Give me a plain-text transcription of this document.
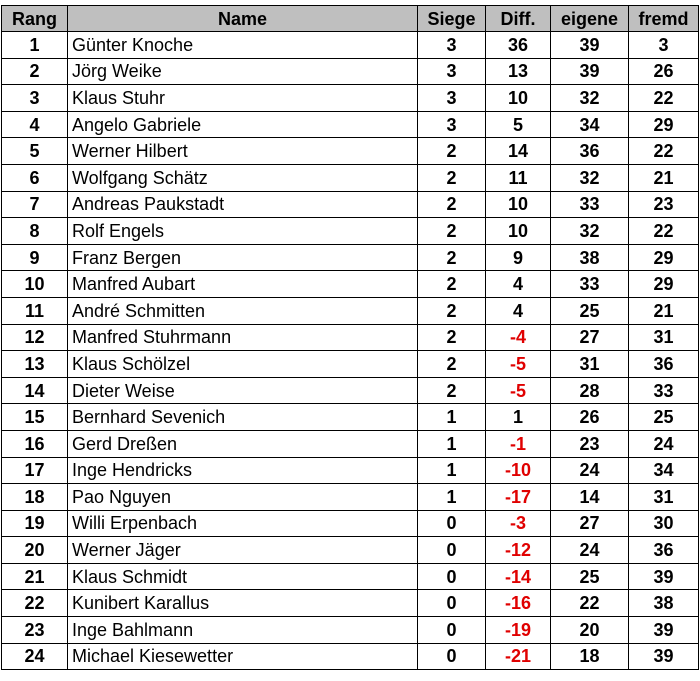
Rang	Name	Siege	Diff.	eigene	fremd
1	Günter Knoche	3	36	39	3
2	Jörg Weike	3	13	39	26
3	Klaus Stuhr	3	10	32	22
4	Angelo Gabriele	3	5	34	29
5	Werner Hilbert	2	14	36	22
6	Wolfgang Schätz	2	11	32	21
7	Andreas Paukstadt	2	10	33	23
8	Rolf Engels	2	10	32	22
9	Franz Bergen	2	9	38	29
10	Manfred Aubart	2	4	33	29
11	André Schmitten	2	4	25	21
12	Manfred Stuhrmann	2	-4	27	31
13	Klaus Schölzel	2	-5	31	36
14	Dieter Weise	2	-5	28	33
15	Bernhard Sevenich	1	1	26	25
16	Gerd Dreßen	1	-1	23	24
17	Inge Hendricks	1	-10	24	34
18	Pao Nguyen	1	-17	14	31
19	Willi Erpenbach	0	-3	27	30
20	Werner Jäger	0	-12	24	36
21	Klaus Schmidt	0	-14	25	39
22	Kunibert Karallus	0	-16	22	38
23	Inge Bahlmann	0	-19	20	39
24	Michael Kiesewetter	0	-21	18	39
